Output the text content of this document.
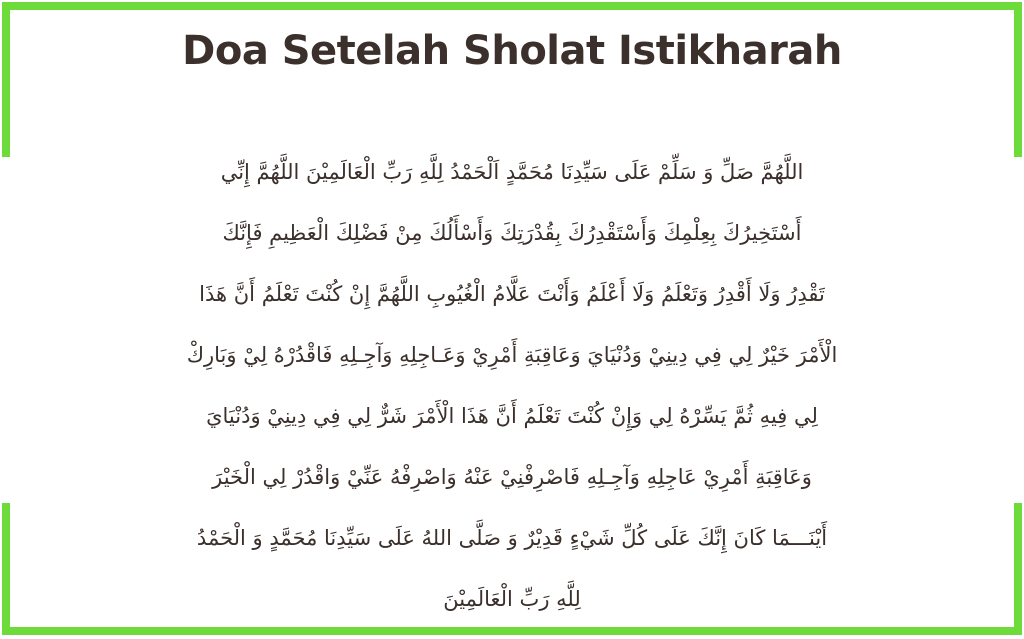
Doa Setelah Sholat Istikharah
اللَّهُمَّ صَلِّ وَ سَلِّمْ عَلَى سَيِّدِنَا مُحَمَّدٍ اَلْحَمْدُ لِلَّهِ رَبِّ الْعَالَمِيْنَ اللَّهُمَّ إِنِّي
أَسْتَخِيرُكَ بِعِلْمِكَ وَأَسْتَقْدِرُكَ بِقُدْرَتِكَ وَأَسْأَلُكَ مِنْ فَضْلِكَ الْعَظِيمِ فَإِنَّكَ
تَقْدِرُ وَلَا أَقْدِرُ وَتَعْلَمُ وَلَا أَعْلَمُ وَأَنْتَ عَلَّامُ الْغُيُوبِ اللَّهُمَّ إِنْ كُنْتَ تَعْلَمُ أَنَّ هَذَا
الْأَمْرَ خَيْرٌ لِي فِي دِينِيْ وَدُنْيَايَ وَعَاقِبَةِ أَمْرِيْ وَعَـاجِلِهِ وَآجِـلِهِ فَاقْدُرْهُ لِيْ وَبَارِكْ
لِي فِيهِ ثُمَّ يَسِّرْهُ لِي وَإِنْ كُنْتَ تَعْلَمُ أَنَّ هَذَا الْأَمْرَ شَرٌّ لِي فِي دِينِيْ وَدُنْيَايَ
وَعَاقِبَةِ أَمْرِيْ عَاجِلِهِ وَآجِـلِهِ فَاصْرِفْنِيْ عَنْهُ وَاصْرِفْهُ عَنِّيْ وَاقْدُرْ لِي الْخَيْرَ
أَيْنَـــمَا كَانَ إِنَّكَ عَلَى كُلِّ شَيْءٍ قَدِيْرٌ وَ صَلَّى اللهُ عَلَى سَيِّدِنَا مُحَمَّدٍ وَ الْحَمْدُ
لِلَّهِ رَبِّ الْعَالَمِيْنَ
